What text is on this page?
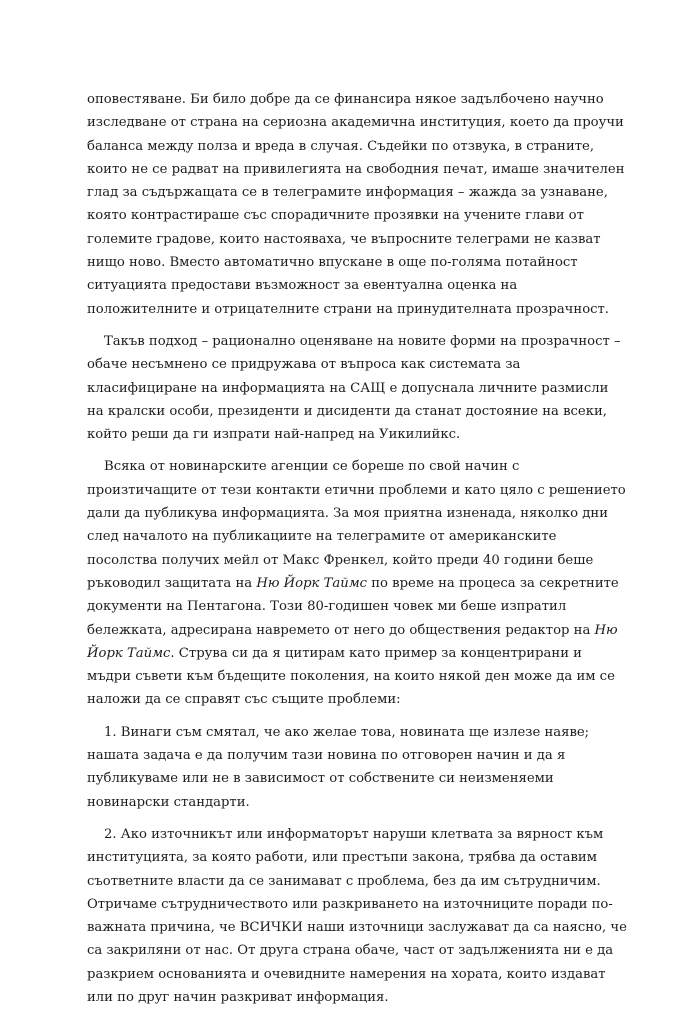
оповестяване. Би било добре да се финансира някое задълбочено научно изследване от страна на сериозна академична институция, което да проучи баланса между полза и вреда в случая. Съдейки по отзвука, в страните, които не се радват на привилегията на свободния печат, имаше значителен глад за съдържащата се в телеграмите информация – жажда за узнаване, която контрастираше със спорадичните прозявки на учените глави от големите градове, които настояваха, че въпросните телеграми не казват нищо ново. Вместо автоматично впускане в още по-голяма потайност ситуацията предостави възможност за евентуална оценка на положителните и отрицателните страни на принудителната прозрачност.

Такъв подход – рационално оценяване на новите форми на прозрачност – обаче несъмнено се придружава от въпроса как системата за класифициране на информацията на САЩ е допуснала личните размисли на кралски особи, президенти и дисиденти да станат достояние на всеки, който реши да ги изпрати най-напред на Уикилийкс.

Всяка от новинарските агенции се бореше по свой начин с произтичащите от тези контакти етични проблеми и като цяло с решението дали да публикува информацията. За моя приятна изненада, няколко дни след началото на публикациите на телеграмите от американските посолства получих мейл от Макс Френкел, който преди 40 години беше ръководил защитата на Ню Йорк Таймс по време на процеса за секретните документи на Пентагона. Този 80-годишен човек ми беше изпратил бележката, адресирана навремето от него до обществения редактор на Ню Йорк Таймс. Струва си да я цитирам като пример за концентрирани и мъдри съвети към бъдещите поколения, на които някой ден може да им се наложи да се справят със същите проблеми:

1. Винаги съм смятал, че ако желае това, новината ще излезе наяве; нашата задача е да получим тази новина по отговорен начин и да я публикуваме или не в зависимост от собствените си неизменяеми новинарски стандарти.

2. Ако източникът или информаторът наруши клетвата за вярност към институцията, за която работи, или престъпи закона, трябва да оставим съответните власти да се занимават с проблема, без да им сътрудничим. Отричаме сътрудничеството или разкриването на източниците поради по-важната причина, че ВСИЧКИ наши източници заслужават да са наясно, че са закриляни от нас. От друга страна обаче, част от задълженията ни е да разкрием основанията и очевидните намерения на хората, които издават или по друг начин разкриват информация.
